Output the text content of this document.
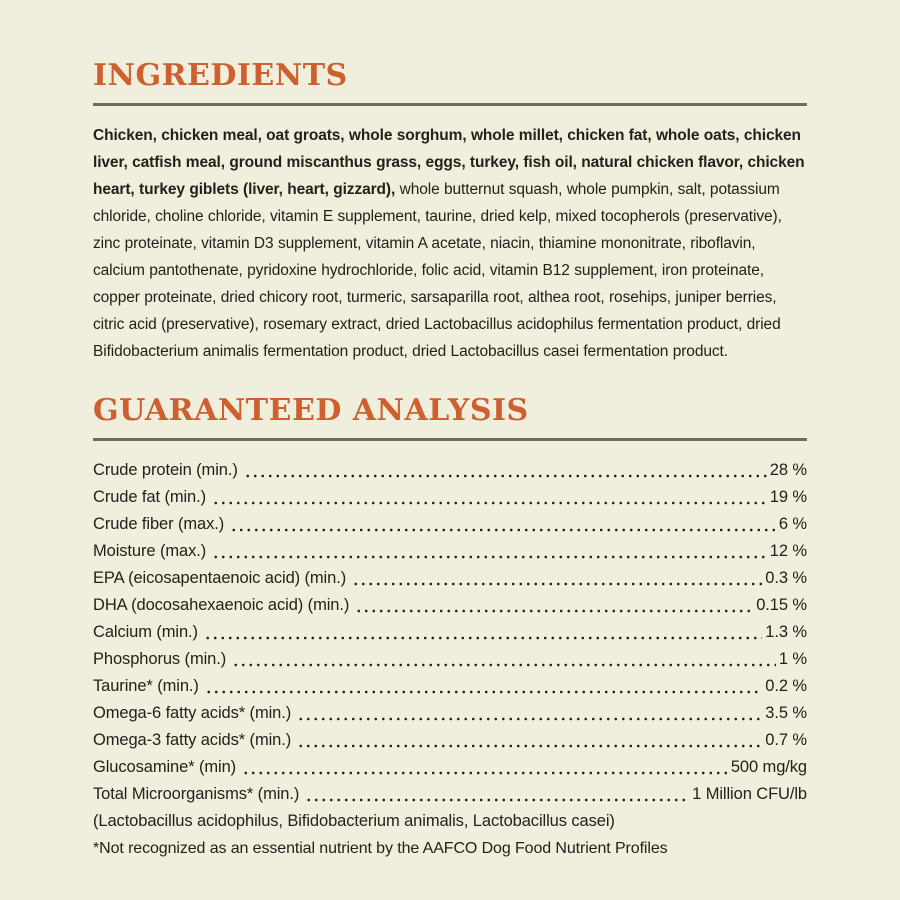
INGREDIENTS

Chicken, chicken meal, oat groats, whole sorghum, whole millet, chicken fat, whole oats, chicken liver, catfish meal, ground miscanthus grass, eggs, turkey, fish oil, natural chicken flavor, chicken heart, turkey giblets (liver, heart, gizzard), whole butternut squash, whole pumpkin, salt, potassium chloride, choline chloride, vitamin E supplement, taurine, dried kelp, mixed tocopherols (preservative), zinc proteinate, vitamin D3 supplement, vitamin A acetate, niacin, thiamine mononitrate, riboflavin, calcium pantothenate, pyridoxine hydrochloride, folic acid, vitamin B12 supplement, iron proteinate, copper proteinate, dried chicory root, turmeric, sarsaparilla root, althea root, rosehips, juniper berries, citric acid (preservative), rosemary extract, dried Lactobacillus acidophilus fermentation product, dried Bifidobacterium animalis fermentation product, dried Lactobacillus casei fermentation product.

GUARANTEED ANALYSIS
Crude protein (min.)	28 %
Crude fat (min.)	19 %
Crude fiber (max.)	6 %
Moisture (max.)	12 %
EPA (eicosapentaenoic acid) (min.)	0.3 %
DHA (docosahexaenoic acid) (min.)	0.15 %
Calcium (min.)	1.3 %
Phosphorus (min.)	1 %
Taurine* (min.)	0.2 %
Omega-6 fatty acids* (min.)	3.5 %
Omega-3 fatty acids* (min.)	0.7 %
Glucosamine* (min)	500 mg/kg
Total Microorganisms* (min.)	1 Million CFU/lb
(Lactobacillus acidophilus, Bifidobacterium animalis, Lactobacillus casei)
*Not recognized as an essential nutrient by the AAFCO Dog Food Nutrient Profiles
